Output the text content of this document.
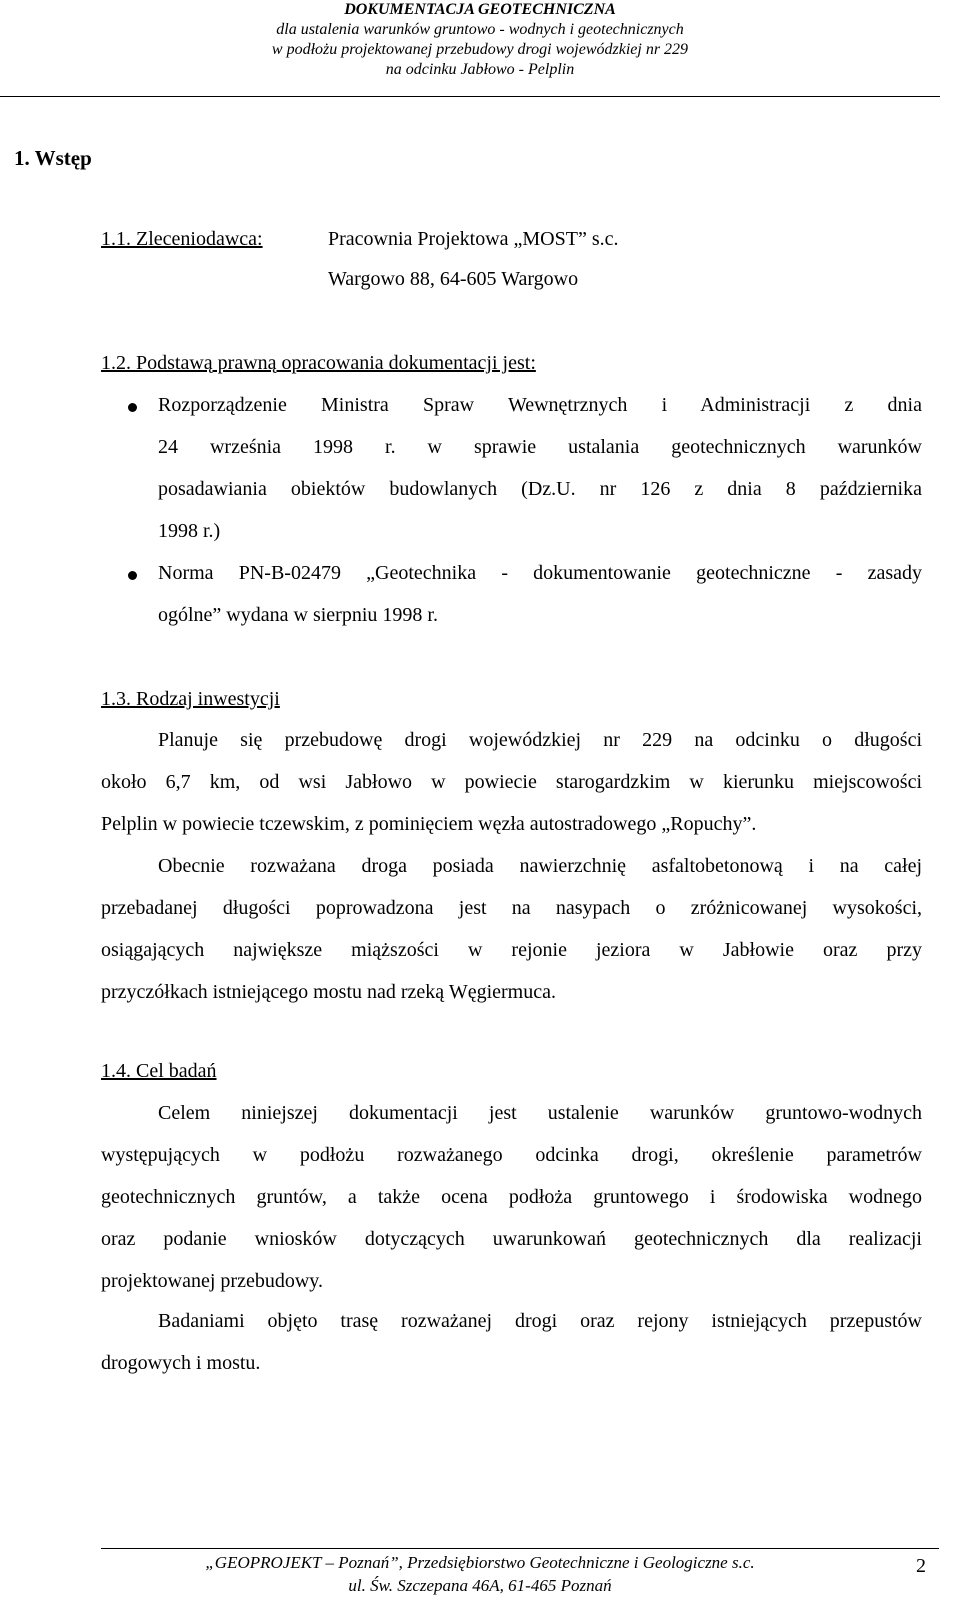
DOKUMENTACJA GEOTECHNICZNA
dla ustalenia warunków gruntowo - wodnych i geotechnicznych
w podłożu projektowanej przebudowy drogi wojewódzkiej nr 229
na odcinku Jabłowo - Pelplin
1. Wstęp
1.1. Zleceniodawca:	Pracownia Projektowa „MOST” s.c.
Wargowo 88, 64-605 Wargowo
1.2. Podstawą prawną opracowania dokumentacji jest:
Rozporządzenie Ministra Spraw Wewnętrznych i Administracji z dnia
24 września 1998 r. w sprawie ustalania geotechnicznych warunków
posadawiania obiektów budowlanych (Dz.U. nr 126 z dnia 8 października
1998 r.)
Norma PN-B-02479 „Geotechnika - dokumentowanie geotechniczne - zasady
ogólne” wydana w sierpniu 1998 r.
1.3. Rodzaj inwestycji
Planuje się przebudowę drogi wojewódzkiej nr 229 na odcinku o długości
około 6,7 km, od wsi Jabłowo w powiecie starogardzkim w kierunku miejscowości
Pelplin w powiecie tczewskim, z pominięciem węzła autostradowego „Ropuchy”.
Obecnie rozważana droga posiada nawierzchnię asfaltobetonową i na całej
przebadanej długości poprowadzona jest na nasypach o zróżnicowanej wysokości,
osiągających największe miąższości w rejonie jeziora w Jabłowie oraz przy
przyczółkach istniejącego mostu nad rzeką Węgiermuca.
1.4. Cel badań
Celem niniejszej dokumentacji jest ustalenie warunków gruntowo-wodnych
występujących w podłożu rozważanego odcinka drogi, określenie parametrów
geotechnicznych gruntów, a także ocena podłoża gruntowego i środowiska wodnego
oraz podanie wniosków dotyczących uwarunkowań geotechnicznych dla realizacji
projektowanej przebudowy.
Badaniami objęto trasę rozważanej drogi oraz rejony istniejących przepustów
drogowych i mostu.
„GEOPROJEKT – Poznań”, Przedsiębiorstwo Geotechniczne i Geologiczne s.c.
ul. Św. Szczepana 46A, 61-465 Poznań
2
